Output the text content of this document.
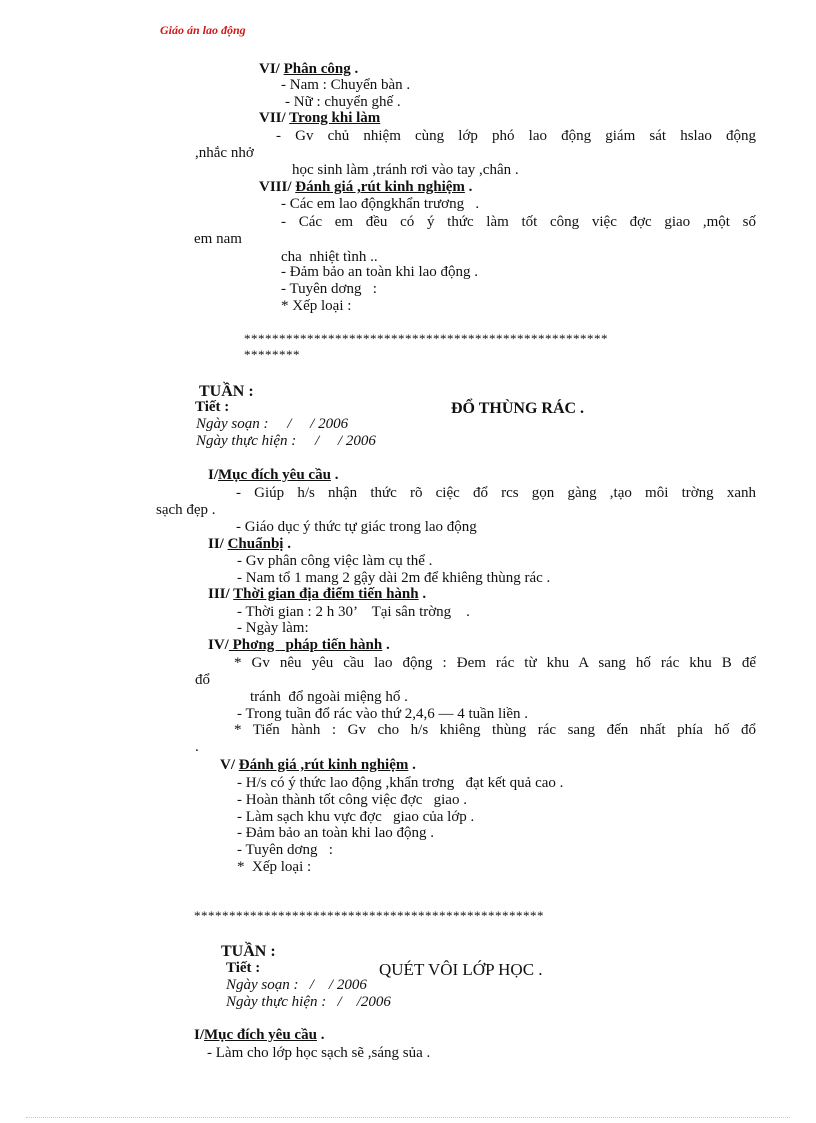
Giáo án lao động
VI/ Phân công .
- Nam : Chuyển bàn .
- Nữ : chuyển ghế .
VII/ Trong khi làm
- Gv chủ nhiệm cùng lớp phó lao động giám sát hslao động
,nhắc nhở
học sinh làm ,tránh rơi vào tay ,chân .
VIII/ Đánh giá ,rút kinh nghiệm .
- Các em lao độngkhẩn trương   .
- Các em đều có ý thức làm tốt công việc đợc giao ,một số
em nam
cha  nhiệt tình ..
- Đảm bảo an toàn khi lao động .
- Tuyên dơng   :
* Xếp loại :
****************************************************
********
TUẦN :
Tiết :	ĐỔ THÙNG RÁC .
Ngày soạn :     /     / 2006
Ngày thực hiện :     /     / 2006
I/Mục đích yêu cầu .
- Giúp h/s nhận thức rõ ciệc đổ rcs gọn gàng ,tạo môi trờng xanh
sạch đẹp .
- Giáo dục ý thức tự giác trong lao động
II/ Chuẩnbị .
- Gv phân công việc làm cụ thể .
- Nam tổ 1 mang 2 gậy dài 2m để khiêng thùng rác .
III/ Thời gian địa điểm tiến hành .
- Thời gian : 2 h 30’    Tại sân trờng    .
- Ngày làm:
IV/ Phơng   pháp tiến hành .
* Gv nêu yêu cầu lao động : Đem rác từ khu A sang hố rác khu B để
đổ
tránh  đổ ngoài miệng hố .
- Trong tuần đổ rác vào thứ 2,4,6 — 4 tuần liền .
* Tiến hành : Gv cho h/s khiêng thùng rác sang đến nhất phía hố đổ
.
V/ Đánh giá ,rút kinh nghiệm .
- H/s có ý thức lao động ,khẩn trơng   đạt kết quả cao .
- Hoàn thành tốt công việc đợc   giao .
- Làm sạch khu vực đợc   giao của lớp .
- Đảm bảo an toàn khi lao động .
- Tuyên dơng   :
*  Xếp loại :
**************************************************
TUẦN :
Tiết :	QUÉT VÔI LỚP HỌC .
Ngày soạn :   /    / 2006
Ngày thực hiện :   /    /2006
I/Mục đích yêu cầu .
- Làm cho lớp học sạch sẽ ,sáng sủa .
